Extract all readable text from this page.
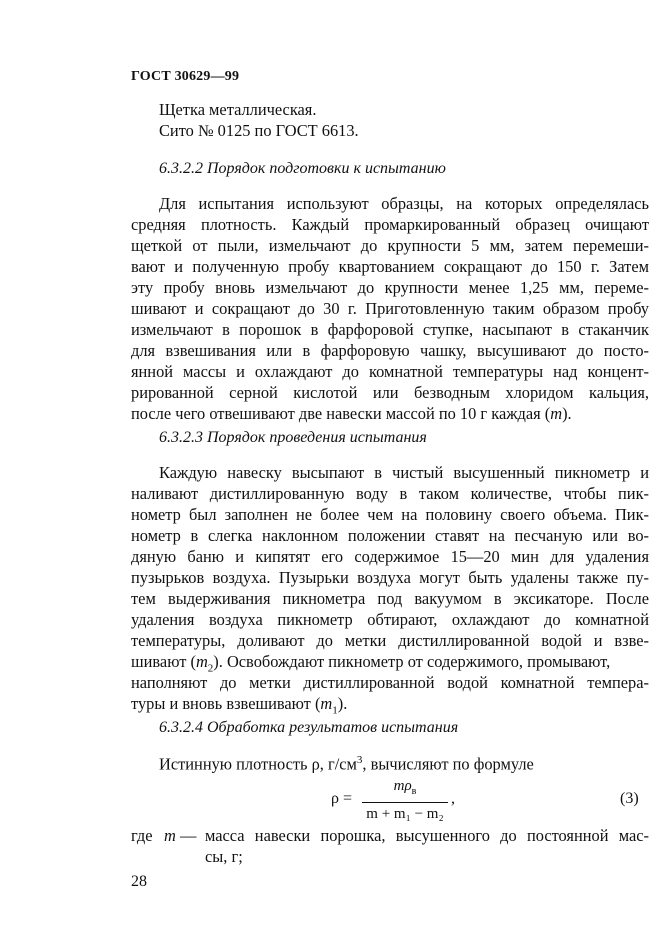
ГОСТ 30629—99
Щетка металлическая.
Сито № 0125 по ГОСТ 6613.
6.3.2.2 Порядок подготовки к испытанию
Для испытания используют образцы, на которых определялась
средняя плотность. Каждый промаркированный образец очищают
щеткой от пыли, измельчают до крупности 5 мм, затем перемеши-
вают и полученную пробу квартованием сокращают до 150 г. Затем
эту пробу вновь измельчают до крупности менее 1,25 мм, переме-
шивают и сокращают до 30 г. Приготовленную таким образом пробу
измельчают в порошок в фарфоровой ступке, насыпают в стаканчик
для взвешивания или в фарфоровую чашку, высушивают до посто-
янной массы и охлаждают до комнатной температуры над концент-
рированной серной кислотой или безводным хлоридом кальция,
после чего отвешивают две навески массой по 10 г каждая (m).
6.3.2.3 Порядок проведения испытания
Каждую навеску высыпают в чистый высушенный пикнометр и
наливают дистиллированную воду в таком количестве, чтобы пик-
нометр был заполнен не более чем на половину своего объема. Пик-
нометр в слегка наклонном положении ставят на песчаную или во-
дяную баню и кипятят его содержимое 15—20 мин для удаления
пузырьков воздуха. Пузырьки воздуха могут быть удалены также пу-
тем выдерживания пикнометра под вакуумом в эксикаторе. После
удаления воздуха пикнометр обтирают, охлаждают до комнатной
температуры, доливают до метки дистиллированной водой и взве-
шивают $(m_2)$. Освобождают пикнометр от содержимого, промывают,
наполняют до метки дистиллированной водой комнатной темпера-
туры и вновь взвешивают $(m_1)$.
6.3.2.4 Обработка результатов испытания
Истинную плотность ρ, $г/см^3$, вычисляют по формуле
ρ =
$m\rho_в$
m + m₁ − m₂
,	(3)
где m — масса навески порошка, высушенного до постоянной мас-
сы, г;
28
